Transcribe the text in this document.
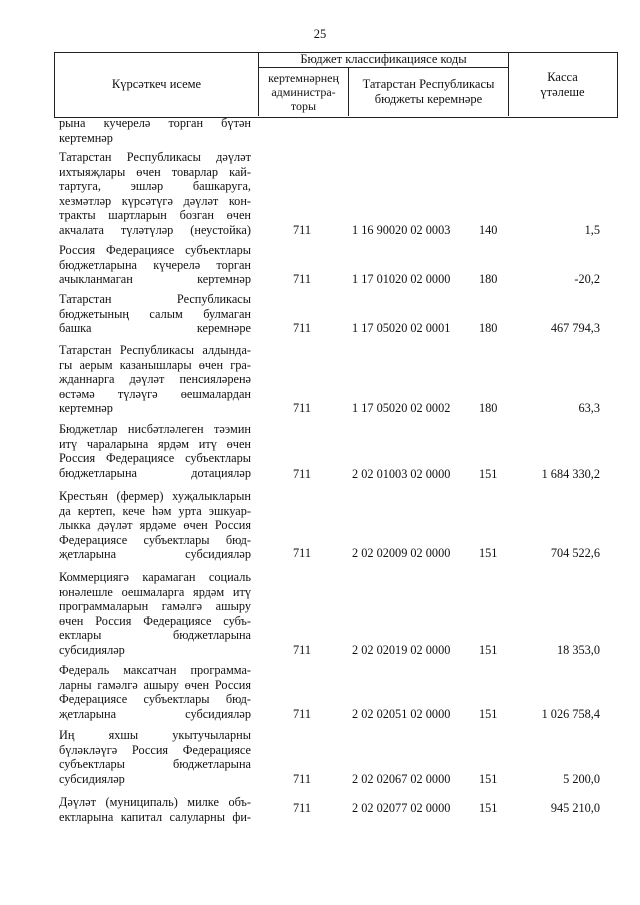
25
Күрсәткеч исеме
Бюджет классификациясе коды
кертемнәрнең
администра-
торы
Татарстан Республикасы
бюджеты керемнәре
Касса
үтәлеше
рына кучерелә торган бүтән
кертемнәр
Татарстан Республикасы дәүләт
ихтыяҗлары өчен товарлар кай-
тартуга, эшләр башкаруга,
хезмәтләр күрсәтүгә дәүләт кон-
тракты шартларын бозган өчен
акчалата түләтүләр (неустойка)	711	1 16 90020 02 0003 140	1,5
Россия Федерациясе субъектлары
бюджетларына күчерелә торган
ачыкланмаган кертемнәр	711	1 17 01020 02 0000 180	-20,2
Татарстан Республикасы
бюджетының салым булмаган
башка керемнәре	711	1 17 05020 02 0001 180	467 794,3
Татарстан Республикасы алдында-
гы аерым казанышлары өчен гра-
жданнарга дәүләт пенсияләренә
өстәмә түләүгә өешмалардан
кертемнәр	711	1 17 05020 02 0002 180	63,3
Бюджетлар нисбәтләлеген тәэмин
итү чараларына ярдәм итү өчен
Россия Федерациясе субъектлары
бюджетларына дотацияләр	711	2 02 01003 02 0000 151	1 684 330,2
Крестьян (фермер) хуҗалыкларын
да кертеп, кече һәм урта эшкуар-
лыкка дәүләт ярдәме өчен Россия
Федерациясе субъектлары бюд-
җетларына субсидияләр	711	2 02 02009 02 0000 151	704 522,6
Коммерциягә карамаган социаль
юнәлешле оешмаларга ярдәм итү
программаларын гамәлгә ашыру
өчен Россия Федерациясе субъ-
ектлары бюджетларына
субсидияләр	711	2 02 02019 02 0000 151	18 353,0
Федераль максатчан программа-
ларны гамәлгә ашыру өчен Россия
Федерациясе субъектлары бюд-
җетларына субсидияләр	711	2 02 02051 02 0000 151	1 026 758,4
Иң яхшы укытучыларны
бүләкләүгә Россия Федерациясе
субъектлары бюджетларына
субсидияләр	711	2 02 02067 02 0000 151	5 200,0
Дәүләт (муниципаль) милке объ-
ектларына капитал салуларны фи-
711	2 02 02077 02 0000 151	945 210,0
